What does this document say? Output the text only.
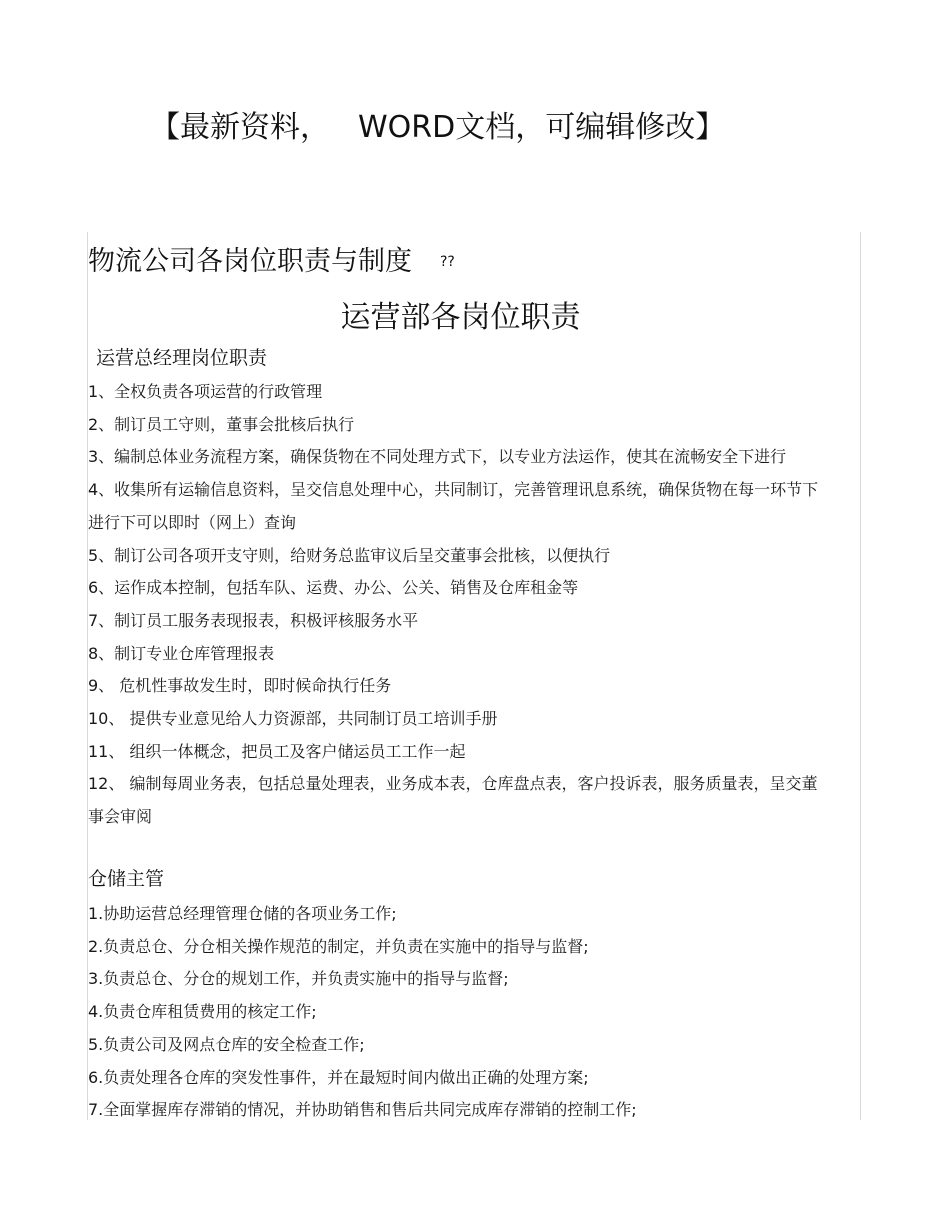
【最新资料， WORD文档，可编辑修改】
物流公司各岗位职责与制度 ??
运营部各岗位职责
运营总经理岗位职责
1、全权负责各项运营的行政管理
2、制订员工守则，董事会批核后执行
3、编制总体业务流程方案，确保货物在不同处理方式下，以专业方法运作，使其在流畅安全下进行
4、收集所有运输信息资料，呈交信息处理中心，共同制订，完善管理讯息系统，确保货物在每一环节下进行下可以即时（网上）查询
5、制订公司各项开支守则，给财务总监审议后呈交董事会批核，以便执行
6、运作成本控制，包括车队、运费、办公、公关、销售及仓库租金等
7、制订员工服务表现报表，积极评核服务水平
8、制订专业仓库管理报表
9、 危机性事故发生时，即时候命执行任务
10、 提供专业意见给人力资源部，共同制订员工培训手册
11、 组织一体概念，把员工及客户储运员工工作一起
12、 编制每周业务表，包括总量处理表，业务成本表，仓库盘点表，客户投诉表，服务质量表，呈交董事会审阅
仓储主管
1.协助运营总经理管理仓储的各项业务工作;
2.负责总仓、分仓相关操作规范的制定，并负责在实施中的指导与监督;
3.负责总仓、分仓的规划工作，并负责实施中的指导与监督;
4.负责仓库租赁费用的核定工作;
5.负责公司及网点仓库的安全检查工作;
6.负责处理各仓库的突发性事件，并在最短时间内做出正确的处理方案;
7.全面掌握库存滞销的情况，并协助销售和售后共同完成库存滞销的控制工作;
